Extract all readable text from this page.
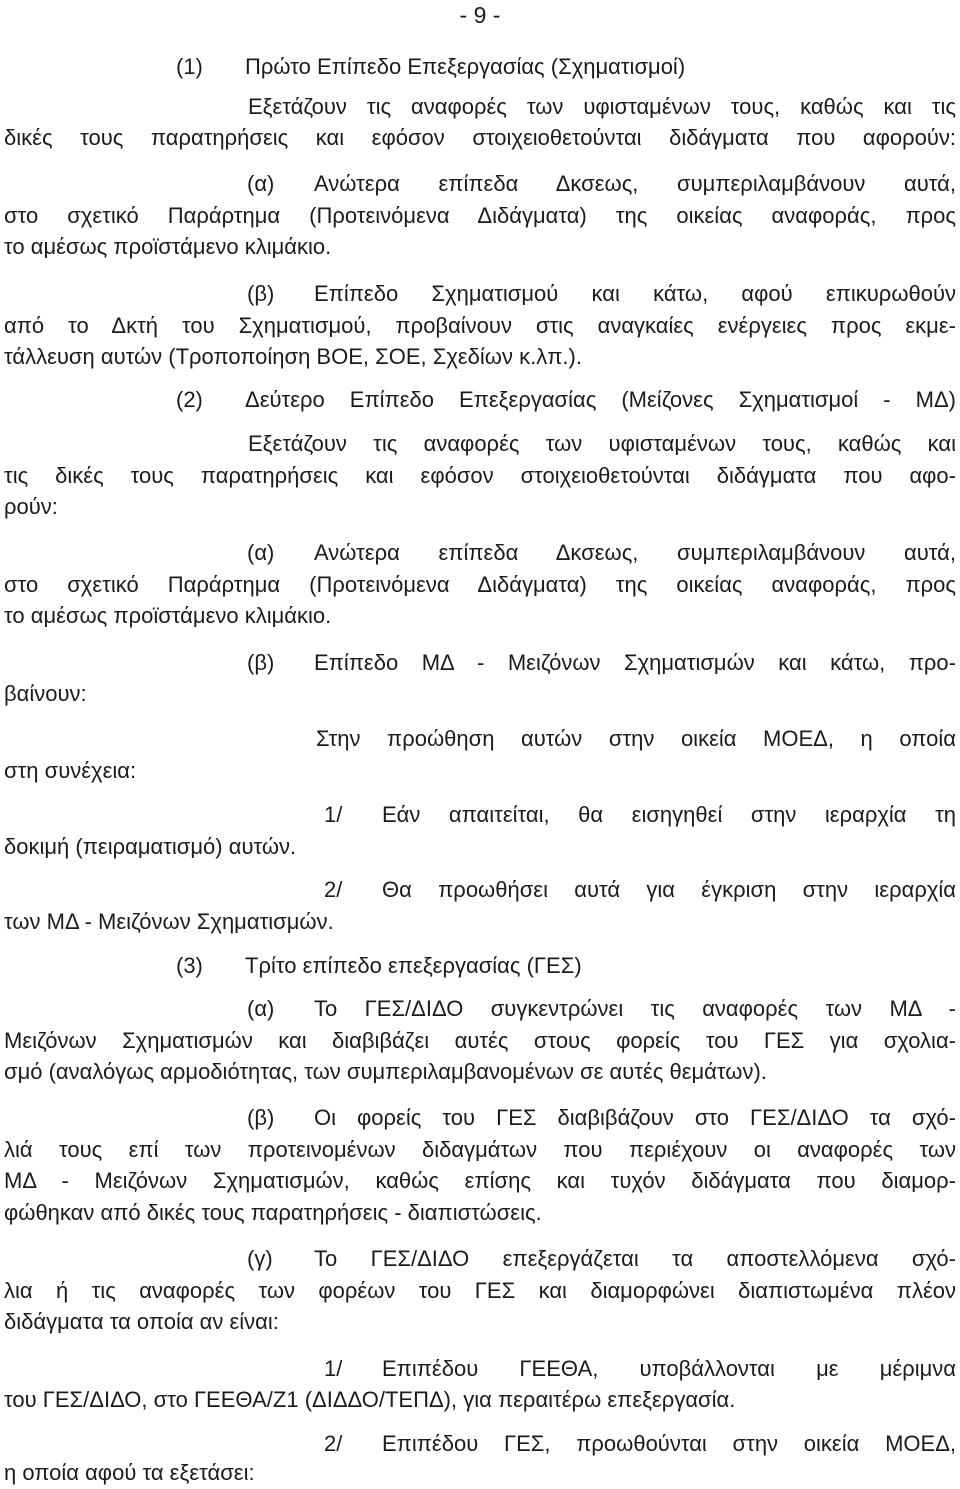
- 9 -
(1) Πρώτο Επίπεδο Επεξεργασίας (Σχηματισμοί)
Εξετάζουν τις αναφορές των υφισταμένων τους, καθώς και τις
δικές τους παρατηρήσεις και εφόσον στοιχειοθετούνται διδάγματα που αφορούν:
(α) Ανώτερα επίπεδα Δκσεως, συμπεριλαμβάνουν αυτά,
στο σχετικό Παράρτημα (Προτεινόμενα Διδάγματα) της οικείας αναφοράς, προς
το αμέσως προϊστάμενο κλιμάκιο.
(β) Επίπεδο Σχηματισμού και κάτω, αφού επικυρωθούν
από το Δκτή του Σχηματισμού, προβαίνουν στις αναγκαίες ενέργειες προς εκμε-
τάλλευση αυτών (Τροποποίηση ΒΟΕ, ΣΟΕ, Σχεδίων κ.λπ.).
(2) Δεύτερο Επίπεδο Επεξεργασίας (Μείζονες Σχηματισμοί - ΜΔ)
Εξετάζουν τις αναφορές των υφισταμένων τους, καθώς και
τις δικές τους παρατηρήσεις και εφόσον στοιχειοθετούνται διδάγματα που αφο-
ρούν:
(α) Ανώτερα επίπεδα Δκσεως, συμπεριλαμβάνουν αυτά,
στο σχετικό Παράρτημα (Προτεινόμενα Διδάγματα) της οικείας αναφοράς, προς
το αμέσως προϊστάμενο κλιμάκιο.
(β) Επίπεδο ΜΔ - Μειζόνων Σχηματισμών και κάτω, προ-
βαίνουν:
Στην προώθηση αυτών στην οικεία ΜΟΕΔ, η οποία
στη συνέχεια:
1/ Εάν απαιτείται, θα εισηγηθεί στην ιεραρχία τη
δοκιμή (πειραματισμό) αυτών.
2/ Θα προωθήσει αυτά για έγκριση στην ιεραρχία
των ΜΔ - Μειζόνων Σχηματισμών.
(3) Τρίτο επίπεδο επεξεργασίας (ΓΕΣ)
(α) Το ΓΕΣ/ΔΙΔΟ συγκεντρώνει τις αναφορές των ΜΔ -
Μειζόνων Σχηματισμών και διαβιβάζει αυτές στους φορείς του ΓΕΣ για σχολια-
σμό (αναλόγως αρμοδιότητας, των συμπεριλαμβανομένων σε αυτές θεμάτων).
(β) Οι φορείς του ΓΕΣ διαβιβάζουν στο ΓΕΣ/ΔΙΔΟ τα σχό-
λιά τους επί των προτεινομένων διδαγμάτων που περιέχουν οι αναφορές των
ΜΔ - Μειζόνων Σχηματισμών, καθώς επίσης και τυχόν διδάγματα που διαμορ-
φώθηκαν από δικές τους παρατηρήσεις - διαπιστώσεις.
(γ) Το ΓΕΣ/ΔΙΔΟ επεξεργάζεται τα αποστελλόμενα σχό-
λια ή τις αναφορές των φορέων του ΓΕΣ και διαμορφώνει διαπιστωμένα πλέον
διδάγματα τα οποία αν είναι:
1/ Επιπέδου ΓΕΕΘΑ, υποβάλλονται με μέριμνα
του ΓΕΣ/ΔΙΔΟ, στο ΓΕΕΘΑ/Ζ1 (ΔΙΔΔΟ/ΤΕΠΔ), για περαιτέρω επεξεργασία.
2/ Επιπέδου ΓΕΣ, προωθούνται στην οικεία ΜΟΕΔ,
η οποία αφού τα εξετάσει:
